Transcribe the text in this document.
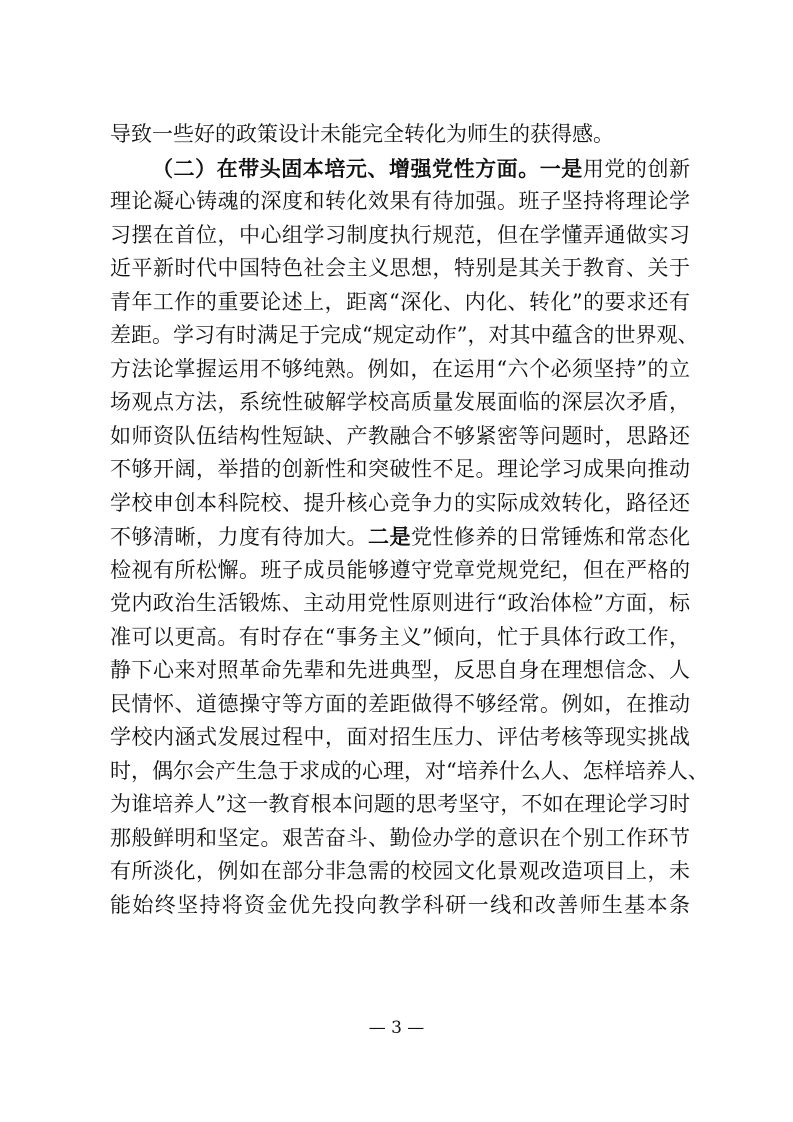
导致一些好的政策设计未能完全转化为师生的获得感。
（二）在带头固本培元、增强党性方面。一是用党的创新
理论凝心铸魂的深度和转化效果有待加强。班子坚持将理论学
习摆在首位，中心组学习制度执行规范，但在学懂弄通做实习
近平新时代中国特色社会主义思想，特别是其关于教育、关于
青年工作的重要论述上，距离“深化、内化、转化”的要求还有
差距。学习有时满足于完成“规定动作”，对其中蕴含的世界观、
方法论掌握运用不够纯熟。例如，在运用“六个必须坚持”的立
场观点方法，系统性破解学校高质量发展面临的深层次矛盾，
如师资队伍结构性短缺、产教融合不够紧密等问题时，思路还
不够开阔，举措的创新性和突破性不足。理论学习成果向推动
学校申创本科院校、提升核心竞争力的实际成效转化，路径还
不够清晰，力度有待加大。二是党性修养的日常锤炼和常态化
检视有所松懈。班子成员能够遵守党章党规党纪，但在严格的
党内政治生活锻炼、主动用党性原则进行“政治体检”方面，标
准可以更高。有时存在“事务主义”倾向，忙于具体行政工作，
静下心来对照革命先辈和先进典型，反思自身在理想信念、人
民情怀、道德操守等方面的差距做得不够经常。例如，在推动
学校内涵式发展过程中，面对招生压力、评估考核等现实挑战
时，偶尔会产生急于求成的心理，对“培养什么人、怎样培养人、
为谁培养人”这一教育根本问题的思考坚守，不如在理论学习时
那般鲜明和坚定。艰苦奋斗、勤俭办学的意识在个别工作环节
有所淡化，例如在部分非急需的校园文化景观改造项目上，未
能始终坚持将资金优先投向教学科研一线和改善师生基本条
— 3 —
